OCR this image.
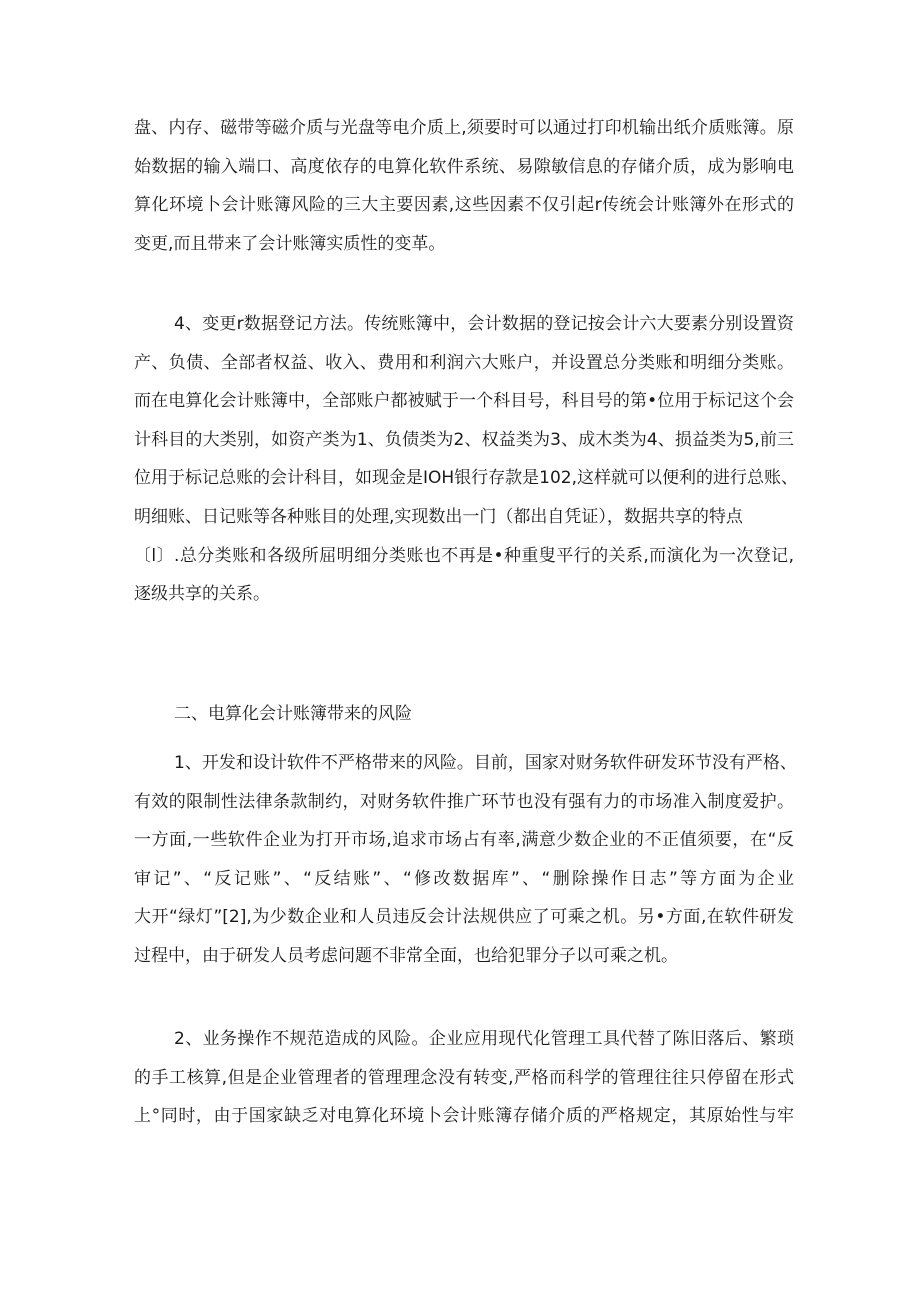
盘、内存、磁带等磁介质与光盘等电介质上,须要时可以通过打印机输出纸介质账簿。原
始数据的输入端口、高度依存的电算化软件系统、易隙敏信息的存储介质，成为影响电
算化环境卜会计账簿风险的三大主要因素,这些因素不仅引起r传统会计账簿外在形式的
变更,而且带来了会计账簿实质性的变革。
4、变更r数据登记方法。传统账簿中，会计数据的登记按会计六大要素分别设置资
产、负债、全部者权益、收入、费用和利润六大账户，并设置总分类账和明细分类账。
而在电算化会计账簿中，全部账户都被赋于一个科目号，科目号的第•位用于标记这个会
计科目的大类别，如资产类为1、负债类为2、权益类为3、成木类为4、损益类为5,前三
位用于标记总账的会计科目，如现金是IOH银行存款是102,这样就可以便利的进行总账、
明细账、日记账等各种账目的处理,实现数出一门（都出自凭证），数据共享的特点
〔l〕.总分类账和各级所屈明细分类账也不再是•种重叟平行的关系,而演化为一次登记,
逐级共享的关系。
二、电算化会计账簿带来的风险
1、开发和设计软件不严格带来的风险。目前，国家对财务软件研发环节没有严格、
有效的限制性法律条款制约，对财务软件推广环节也没有强有力的市场准入制度爱护。
一方面,一些软件企业为打开市场,追求市场占有率,满意少数企业的不正值须要，在“反
审记”、“反记账”、“反结账”、“修改数据库”、“删除操作日志”等方面为企业
大开“绿灯”[2],为少数企业和人员违反会计法规供应了可乘之机。另•方面,在软件研发
过程中，由于研发人员考虑问题不非常全面，也给犯罪分子以可乘之机。
2、业务操作不规范造成的风险。企业应用现代化管理工具代替了陈旧落后、繁琐
的手工核算,但是企业管理者的管理理念没有转变,严格而科学的管理往往只停留在形式
上°同时，由于国家缺乏对电算化环境卜会计账簿存储介质的严格规定，其原始性与牢
